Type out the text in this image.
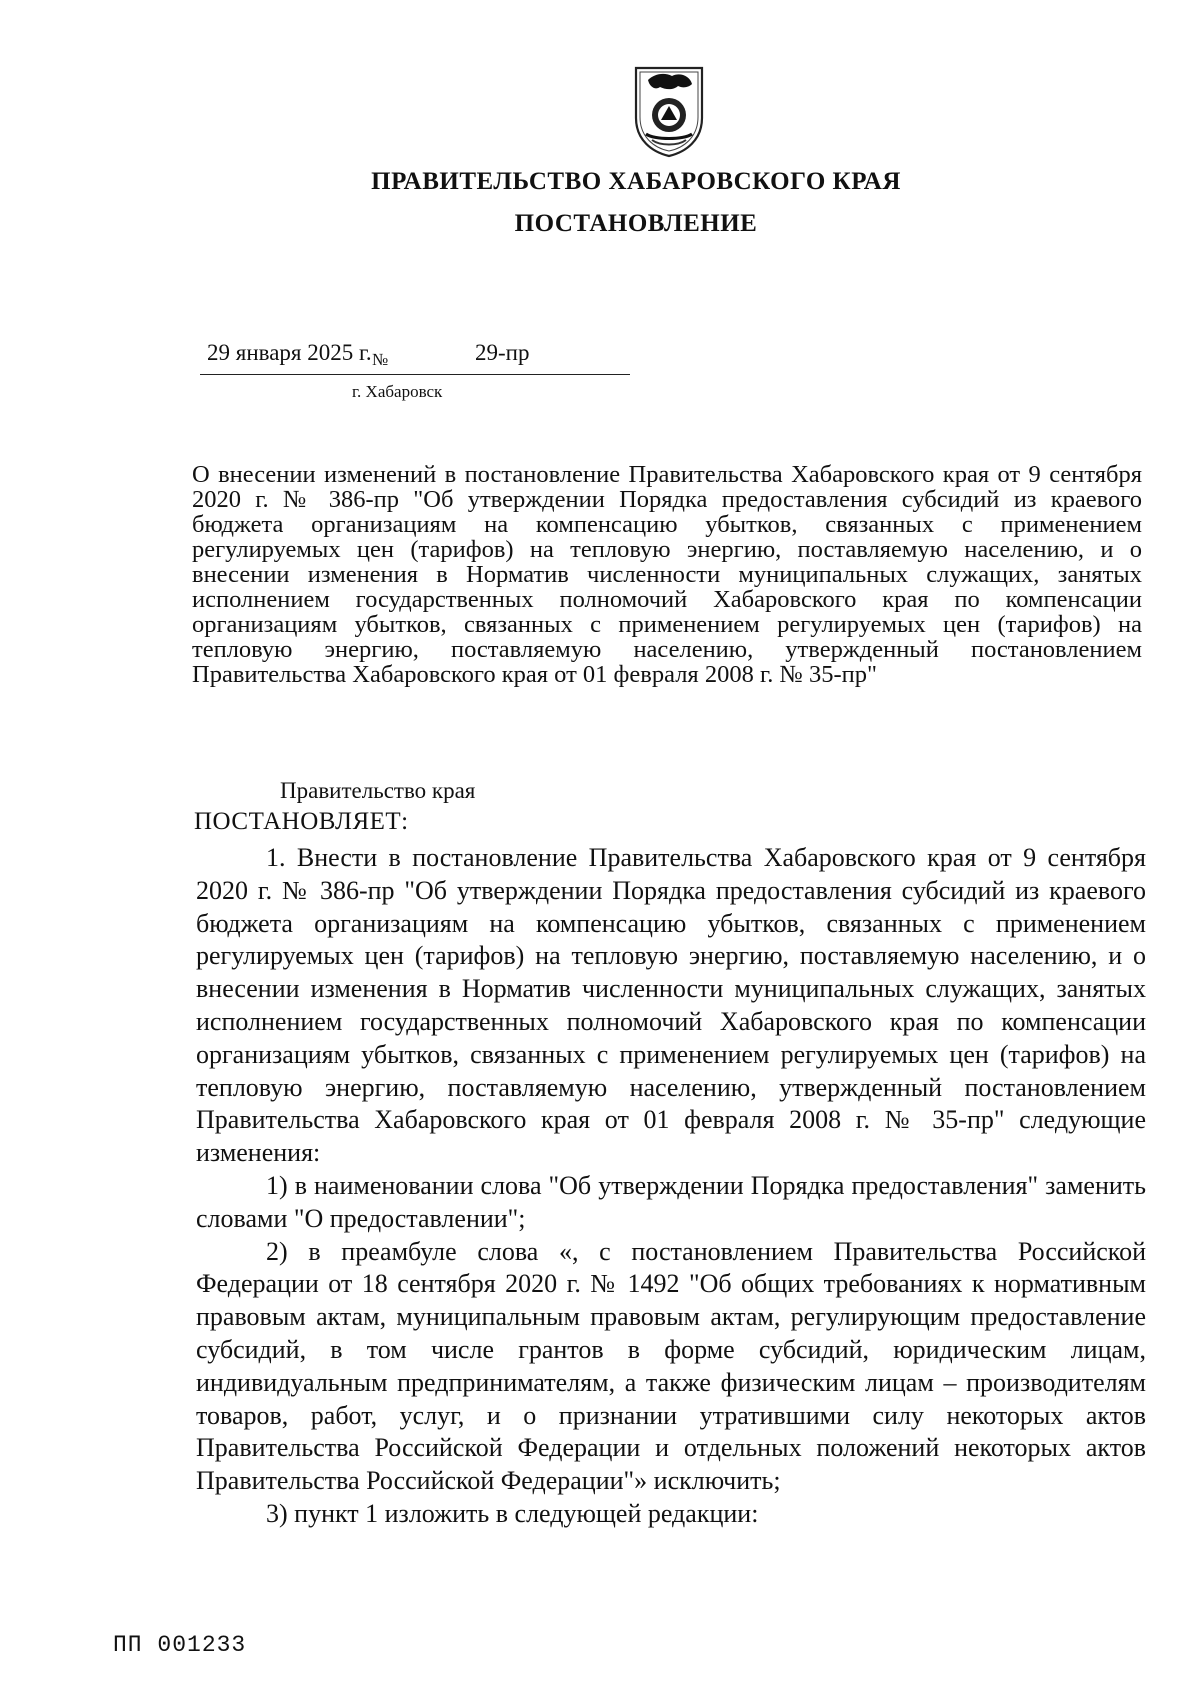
ПРАВИТЕЛЬСТВО ХАБАРОВСКОГО КРАЯ
ПОСТАНОВЛЕНИЕ
29 января 2025 г. №	29-пр
г. Хабаровск
О внесении изменений в постановление Правительства Хабаровского края от 9 сентября 2020 г. № 386-пр "Об утверждении Порядка предоставления субсидий из краевого бюджета организациям на компенсацию убытков, связанных с применением регулируемых цен (тарифов) на тепловую энергию, поставляемую населению, и о внесении изменения в Норматив численности муниципальных служащих, занятых исполнением государственных полномочий Хабаровского края по компенсации организациям убытков, связанных с применением регулируемых цен (тарифов) на тепловую энергию, поставляемую населению, утвержденный постановлением Правительства Хабаровского края от 01 февраля 2008 г. № 35-пр"
Правительство края
ПОСТАНОВЛЯЕТ:

1. Внести в постановление Правительства Хабаровского края от 9 сентября 2020 г. № 386-пр "Об утверждении Порядка предоставления субсидий из краевого бюджета организациям на компенсацию убытков, связанных с применением регулируемых цен (тарифов) на тепловую энергию, поставляемую населению, и о внесении изменения в Норматив численности муниципальных служащих, занятых исполнением государственных полномочий Хабаровского края по компенсации организациям убытков, связанных с применением регулируемых цен (тарифов) на тепловую энергию, поставляемую населению, утвержденный постановлением Правительства Хабаровского края от 01 февраля 2008 г. № 35-пр" следующие изменения:

1) в наименовании слова "Об утверждении Порядка предоставления" заменить словами "О предоставлении";

2) в преамбуле слова «, с постановлением Правительства Российской Федерации от 18 сентября 2020 г. № 1492 "Об общих требованиях к нормативным правовым актам, муниципальным правовым актам, регулирующим предоставление субсидий, в том числе грантов в форме субсидий, юридическим лицам, индивидуальным предпринимателям, а также физическим лицам – производителям товаров, работ, услуг, и о признании утратившими силу некоторых актов Правительства Российской Федерации и отдельных положений некоторых актов Правительства Российской Федерации"» исключить;

3) пункт 1 изложить в следующей редакции:

ПП 001233
